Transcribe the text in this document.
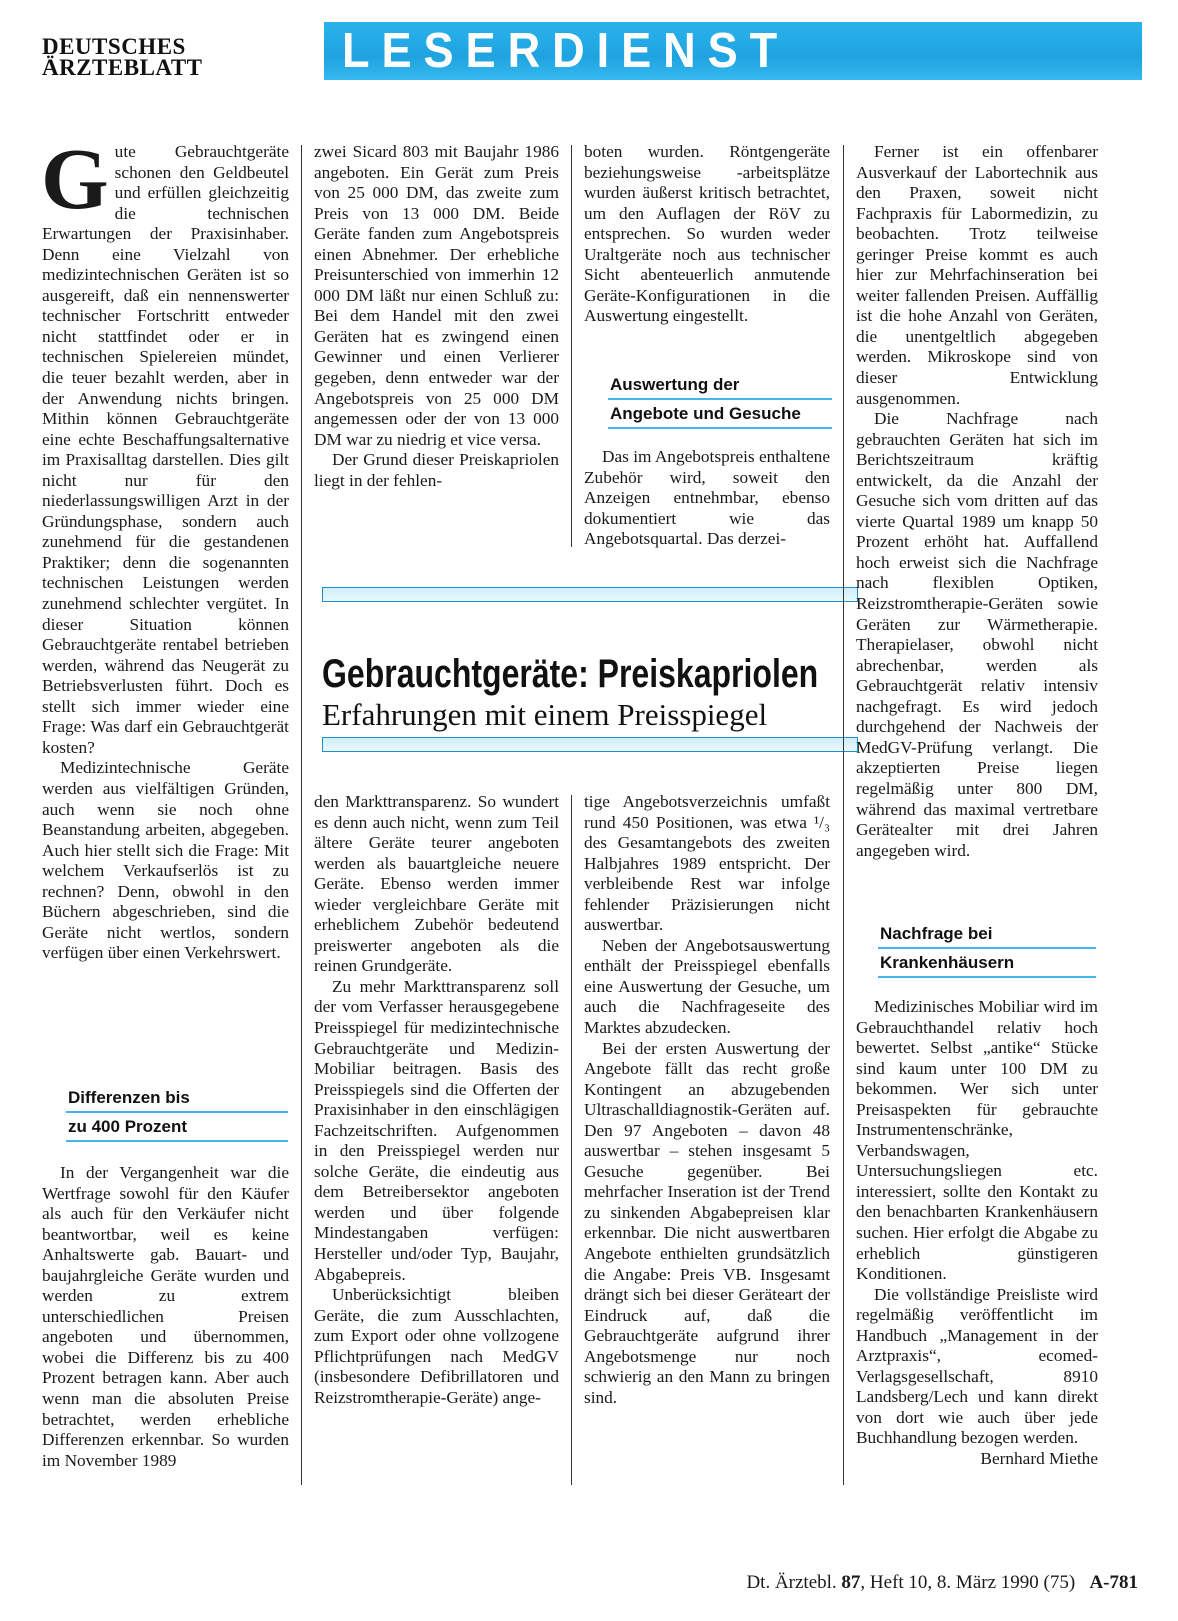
DEUTSCHES
ÄRZTEBLATT	LESERDIENST

Gute Gebrauchtgeräte schonen den Geldbeutel und erfüllen gleichzeitig die technischen Erwartungen der Praxisinhaber. Denn eine Vielzahl von medizintechnischen Geräten ist so ausgereift, daß ein nennenswerter technischer Fortschritt entweder nicht stattfindet oder er in technischen Spielereien mündet, die teuer bezahlt werden, aber in der Anwendung nichts bringen. Mithin können Gebrauchtgeräte eine echte Beschaffungsalternative im Praxisalltag darstellen. Dies gilt nicht nur für den niederlassungswilligen Arzt in der Gründungsphase, sondern auch zunehmend für die gestandenen Praktiker; denn die sogenannten technischen Leistungen werden zunehmend schlechter vergütet. In dieser Situation können Gebrauchtgeräte rentabel betrieben werden, während das Neugerät zu Betriebsverlusten führt. Doch es stellt sich immer wieder eine Frage: Was darf ein Gebrauchtgerät kosten?

Medizintechnische Geräte werden aus vielfältigen Gründen, auch wenn sie noch ohne Beanstandung arbeiten, abgegeben. Auch hier stellt sich die Frage: Mit welchem Verkaufserlös ist zu rechnen? Denn, obwohl in den Büchern abgeschrieben, sind die Geräte nicht wertlos, sondern verfügen über einen Verkehrswert.

Differenzen bis
zu 400 Prozent

In der Vergangenheit war die Wertfrage sowohl für den Käufer als auch für den Verkäufer nicht beantwortbar, weil es keine Anhaltswerte gab. Bauart- und baujahrgleiche Geräte wurden und werden zu extrem unterschiedlichen Preisen angeboten und übernommen, wobei die Differenz bis zu 400 Prozent betragen kann. Aber auch wenn man die absoluten Preise betrachtet, werden erhebliche Differenzen erkennbar. So wurden im November 1989

zwei Sicard 803 mit Baujahr 1986 angeboten. Ein Gerät zum Preis von 25 000 DM, das zweite zum Preis von 13 000 DM. Beide Geräte fanden zum Angebotspreis einen Abnehmer. Der erhebliche Preisunterschied von immerhin 12 000 DM läßt nur einen Schluß zu: Bei dem Handel mit den zwei Geräten hat es zwingend einen Gewinner und einen Verlierer gegeben, denn entweder war der Angebotspreis von 25 000 DM angemessen oder der von 13 000 DM war zu niedrig et vice versa.

Der Grund dieser Preiskapriolen liegt in der fehlen-

boten wurden. Röntgengeräte beziehungsweise -arbeitsplätze wurden äußerst kritisch betrachtet, um den Auflagen der RöV zu entsprechen. So wurden weder Uraltgeräte noch aus technischer Sicht abenteuerlich anmutende Geräte-Konfigurationen in die Auswertung eingestellt.

Auswertung der
Angebote und Gesuche

Das im Angebotspreis enthaltene Zubehör wird, soweit den Anzeigen entnehmbar, ebenso dokumentiert wie das Angebotsquartal. Das derzei-

Gebrauchtgeräte: Preiskapriolen
Erfahrungen mit einem Preisspiegel

den Markttransparenz. So wundert es denn auch nicht, wenn zum Teil ältere Geräte teurer angeboten werden als bauartgleiche neuere Geräte. Ebenso werden immer wieder vergleichbare Geräte mit erheblichem Zubehör bedeutend preiswerter angeboten als die reinen Grundgeräte.

Zu mehr Markttransparenz soll der vom Verfasser herausgegebene Preisspiegel für medizintechnische Gebrauchtgeräte und Medizin-Mobiliar beitragen. Basis des Preisspiegels sind die Offerten der Praxisinhaber in den einschlägigen Fachzeitschriften. Aufgenommen in den Preisspiegel werden nur solche Geräte, die eindeutig aus dem Betreibersektor angeboten werden und über folgende Mindestangaben verfügen: Hersteller und/oder Typ, Baujahr, Abgabepreis.

Unberücksichtigt bleiben Geräte, die zum Ausschlachten, zum Export oder ohne vollzogene Pflichtprüfungen nach MedGV (insbesondere Defibrillatoren und Reizstromtherapie-Geräte) ange-

tige Angebotsverzeichnis umfaßt rund 450 Positionen, was etwa ¹/₃ des Gesamtangebots des zweiten Halbjahres 1989 entspricht. Der verbleibende Rest war infolge fehlender Präzisierungen nicht auswertbar.

Neben der Angebotsauswertung enthält der Preisspiegel ebenfalls eine Auswertung der Gesuche, um auch die Nachfrageseite des Marktes abzudecken.

Bei der ersten Auswertung der Angebote fällt das recht große Kontingent an abzugebenden Ultraschalldiagnostik-Geräten auf. Den 97 Angeboten – davon 48 auswertbar – stehen insgesamt 5 Gesuche gegenüber. Bei mehrfacher Inseration ist der Trend zu sinkenden Abgabepreisen klar erkennbar. Die nicht auswertbaren Angebote enthielten grundsätzlich die Angabe: Preis VB. Insgesamt drängt sich bei dieser Geräteart der Eindruck auf, daß die Gebrauchtgeräte aufgrund ihrer Angebotsmenge nur noch schwierig an den Mann zu bringen sind.

Ferner ist ein offenbarer Ausverkauf der Labortechnik aus den Praxen, soweit nicht Fachpraxis für Labormedizin, zu beobachten. Trotz teilweise geringer Preise kommt es auch hier zur Mehrfachinseration bei weiter fallenden Preisen. Auffällig ist die hohe Anzahl von Geräten, die unentgeltlich abgegeben werden. Mikroskope sind von dieser Entwicklung ausgenommen.

Die Nachfrage nach gebrauchten Geräten hat sich im Berichtszeitraum kräftig entwickelt, da die Anzahl der Gesuche sich vom dritten auf das vierte Quartal 1989 um knapp 50 Prozent erhöht hat. Auffallend hoch erweist sich die Nachfrage nach flexiblen Optiken, Reizstromtherapie-Geräten sowie Geräten zur Wärmetherapie. Therapielaser, obwohl nicht abrechenbar, werden als Gebrauchtgerät relativ intensiv nachgefragt. Es wird jedoch durchgehend der Nachweis der MedGV-Prüfung verlangt. Die akzeptierten Preise liegen regelmäßig unter 800 DM, während das maximal vertretbare Gerätealter mit drei Jahren angegeben wird.

Nachfrage bei
Krankenhäusern

Medizinisches Mobiliar wird im Gebrauchthandel relativ hoch bewertet. Selbst „antike“ Stücke sind kaum unter 100 DM zu bekommen. Wer sich unter Preisaspekten für gebrauchte Instrumentenschränke, Verbandswagen, Untersuchungsliegen etc. interessiert, sollte den Kontakt zu den benachbarten Krankenhäusern suchen. Hier erfolgt die Abgabe zu erheblich günstigeren Konditionen.

Die vollständige Preisliste wird regelmäßig veröffentlicht im Handbuch „Management in der Arztpraxis“, ecomed-Verlagsgesellschaft, 8910 Landsberg/Lech und kann direkt von dort wie auch über jede Buchhandlung bezogen werden.

Bernhard Miethe

Dt. Ärztebl. 87, Heft 10, 8. März 1990 (75) A-781
